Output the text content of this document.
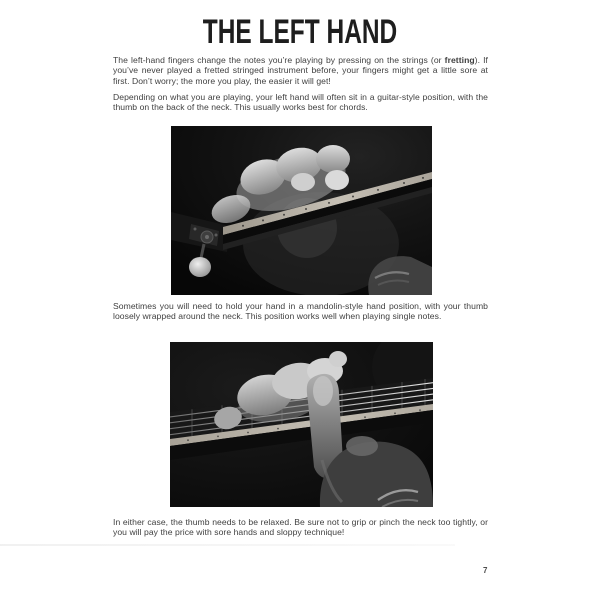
THE LEFT HAND

The left-hand fingers change the notes you’re playing by pressing on the strings (or fretting). If you’ve never played a fretted stringed instrument before, your fingers might get a little sore at first. Don’t worry; the more you play, the easier it will get!

Depending on what you are playing, your left hand will often sit in a guitar-style position, with the thumb on the back of the neck. This usually works best for chords.

Sometimes you will need to hold your hand in a mandolin-style hand position, with your thumb loosely wrapped around the neck. This position works well when playing single notes.

In either case, the thumb needs to be relaxed. Be sure not to grip or pinch the neck too tightly, or you will pay the price with sore hands and sloppy technique!

7
